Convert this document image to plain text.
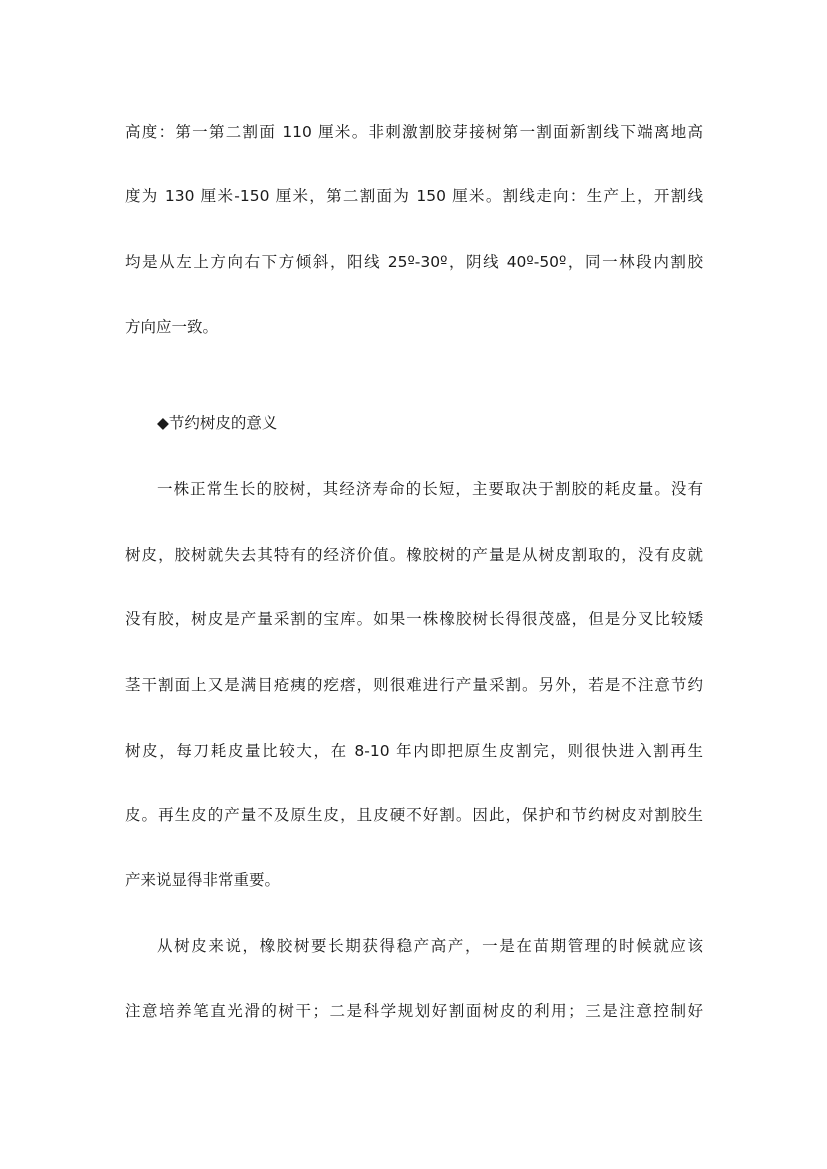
高度：第一第二割面 110 厘米。非刺激割胶芽接树第一割面新割线下端离地高
度为 130 厘米-150 厘米，第二割面为 150 厘米。割线走向：生产上，开割线
均是从左上方向右下方倾斜，阳线 25º-30º，阴线 40º-50º，同一林段内割胶
方向应一致。
◆节约树皮的意义
一株正常生长的胶树，其经济寿命的长短，主要取决于割胶的耗皮量。没有
树皮，胶树就失去其特有的经济价值。橡胶树的产量是从树皮割取的，没有皮就
没有胶，树皮是产量采割的宝库。如果一株橡胶树长得很茂盛，但是分叉比较矮
茎干割面上又是满目疮痍的疙瘩，则很难进行产量采割。另外，若是不注意节约
树皮，每刀耗皮量比较大，在 8-10 年内即把原生皮割完，则很快进入割再生
皮。再生皮的产量不及原生皮，且皮硬不好割。因此，保护和节约树皮对割胶生
产来说显得非常重要。
从树皮来说，橡胶树要长期获得稳产高产，一是在苗期管理的时候就应该
注意培养笔直光滑的树干；二是科学规划好割面树皮的利用；三是注意控制好
